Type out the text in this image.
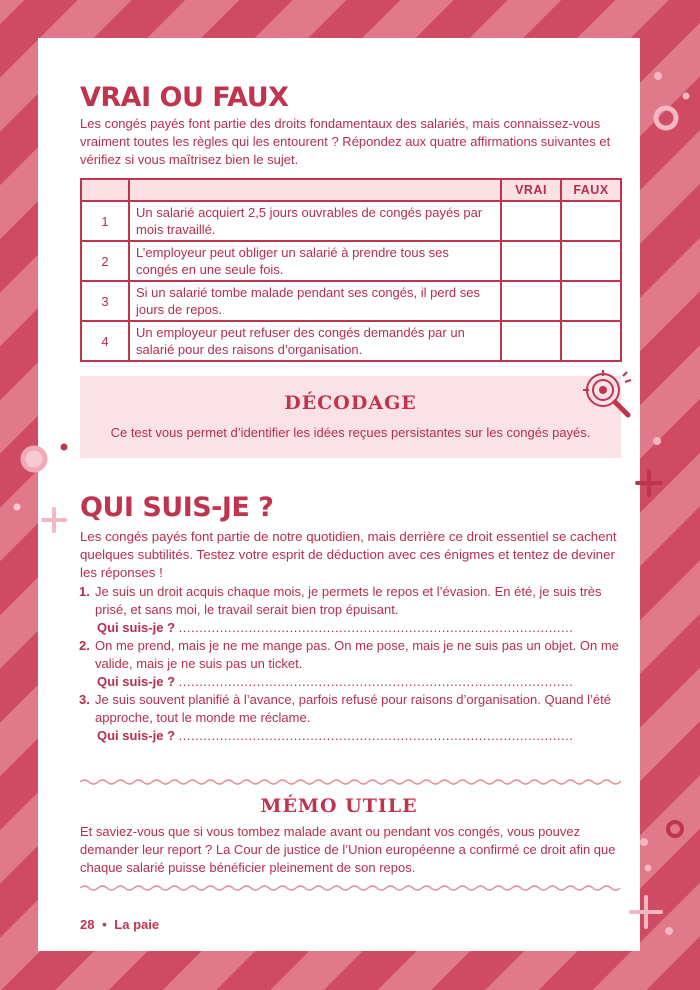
VRAI OU FAUX

Les congés payés font partie des droits fondamentaux des salariés, mais connaissez-vous vraiment toutes les règles qui les entourent ? Répondez aux quatre affirmations suivantes et vérifiez si vous maîtrisez bien le sujet.

		VRAI	FAUX
1	Un salarié acquiert 2,5 jours ouvrables de congés payés par mois travaillé.		
2	L’employeur peut obliger un salarié à prendre tous ses congés en une seule fois.		
3	Si un salarié tombe malade pendant ses congés, il perd ses jours de repos.		
4	Un employeur peut refuser des congés demandés par un salarié pour des raisons d’organisation.		
DÉCODAGE

Ce test vous permet d’identifier les idées reçues persistantes sur les congés payés.

QUI SUIS-JE ?

Les congés payés font partie de notre quotidien, mais derrière ce droit essentiel se cachent quelques subtilités. Testez votre esprit de déduction avec ces énigmes et tentez de deviner les réponses !

1. Je suis un droit acquis chaque mois, je permets le repos et l’évasion. En été, je suis très prisé, et sans moi, le travail serait bien trop épuisant.
Qui suis-je ? ................................................................................................
2. On me prend, mais je ne me mange pas. On me pose, mais je ne suis pas un objet. On me valide, mais je ne suis pas un ticket.
Qui suis-je ? ................................................................................................
3. Je suis souvent planifié à l’avance, parfois refusé pour raisons d’organisation. Quand l’été approche, tout le monde me réclame.
Qui suis-je ? ................................................................................................
MÉMO UTILE

Et saviez-vous que si vous tombez malade avant ou pendant vos congés, vous pouvez demander leur report ? La Cour de justice de l’Union européenne a confirmé ce droit afin que chaque salarié puisse bénéficier pleinement de son repos.

28 • La paie
